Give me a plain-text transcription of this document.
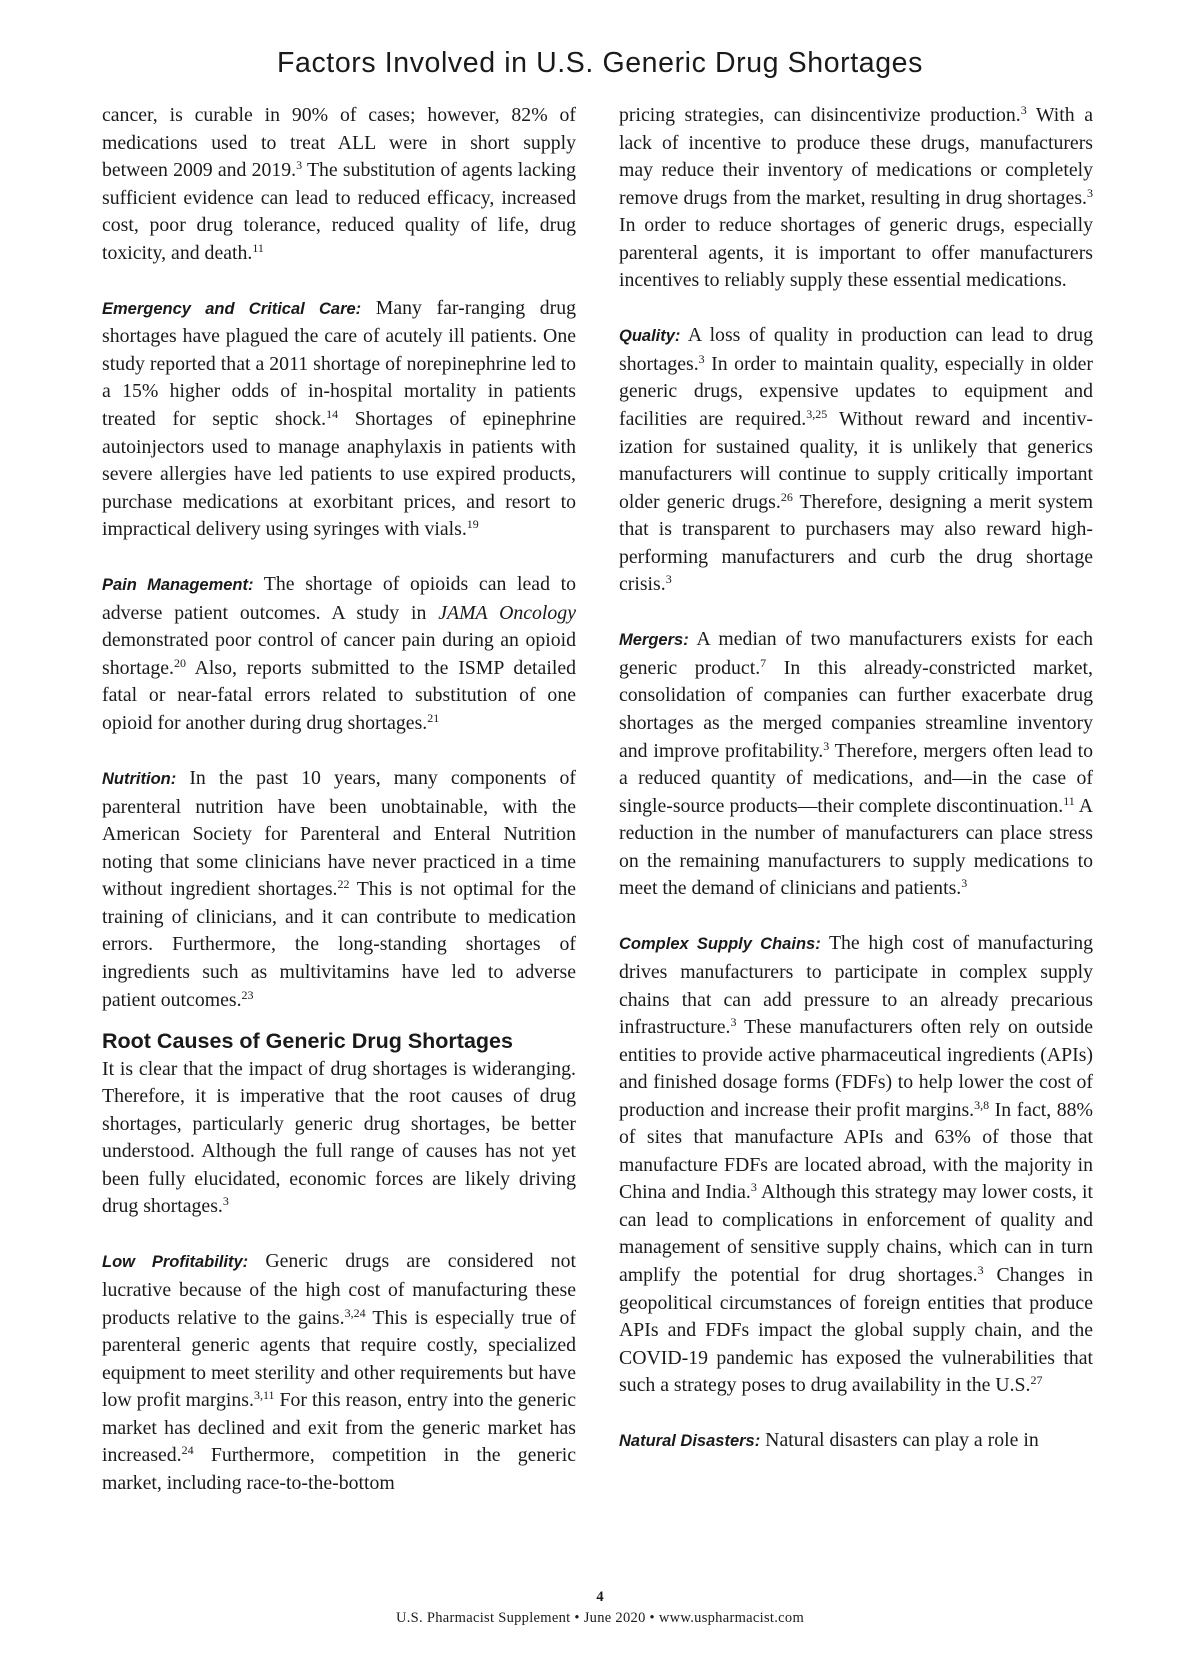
Factors Involved in U.S. Generic Drug Shortages

cancer, is curable in 90% of cases; however, 82% of medications used to treat ALL were in short supply between 2009 and 2019.$^3$ The substitution of agents lacking sufficient evidence can lead to reduced efficacy, increased cost, poor drug tolerance, reduced quality of life, drug toxicity, and death.$^{11}$

Emergency and Critical Care: Many far-ranging drug shortages have plagued the care of acutely ill patients. One study reported that a 2011 shortage of norepinephrine led to a 15% higher odds of in-hospital mortality in patients treated for septic shock.$^{14}$ Shortages of epinephrine autoinjectors used to manage anaphylaxis in patients with severe allergies have led patients to use expired products, purchase medications at exorbitant prices, and resort to impractical delivery using syringes with vials.$^{19}$

Pain Management: The shortage of opioids can lead to adverse patient outcomes. A study in JAMA Oncology demonstrated poor control of cancer pain during an opioid shortage.$^{20}$ Also, reports submitted to the ISMP detailed fatal or near-fatal errors related to substitution of one opioid for another during drug shortages.$^{21}$

Nutrition: In the past 10 years, many components of parenteral nutrition have been unobtainable, with the American Society for Parenteral and Enteral Nutrition noting that some clinicians have never practiced in a time without ingredient shortages.$^{22}$ This is not optimal for the training of clinicians, and it can contribute to medication errors. Furthermore, the long-standing shortages of ingredients such as multivitamins have led to adverse patient outcomes.$^{23}$

Root Causes of Generic Drug Shortages

It is clear that the impact of drug shortages is wideranging. Therefore, it is imperative that the root causes of drug shortages, particularly generic drug shortages, be better understood. Although the full range of causes has not yet been fully elucidated, economic forces are likely driving drug shortages.$^3$

Low Profitability: Generic drugs are considered not lucrative because of the high cost of manufacturing these products relative to the gains.$^{3,24}$ This is especially true of parenteral generic agents that require costly, specialized equipment to meet sterility and other requirements but have low profit margins.$^{3,11}$ For this reason, entry into the generic market has declined and exit from the generic market has increased.$^{24}$ Furthermore, competition in the generic market, including race-to-the-bottom

pricing strategies, can disincentivize production.$^3$ With a lack of incentive to produce these drugs, manufacturers may reduce their inventory of medications or completely remove drugs from the market, resulting in drug shortages.$^3$ In order to reduce shortages of generic drugs, especially parenteral agents, it is important to offer manufacturers incentives to reliably supply these essential medications.

Quality: A loss of quality in production can lead to drug shortages.$^3$ In order to maintain quality, especially in older generic drugs, expensive updates to equipment and facilities are required.$^{3,25}$ Without reward and incentivization for sustained quality, it is unlikely that generics manufacturers will continue to supply critically important older generic drugs.$^{26}$ Therefore, designing a merit system that is transparent to purchasers may also reward high-performing manufacturers and curb the drug shortage crisis.$^3$

Mergers: A median of two manufacturers exists for each generic product.$^7$ In this already-constricted market, consolidation of companies can further exacerbate drug shortages as the merged companies streamline inventory and improve profitability.$^3$ Therefore, mergers often lead to a reduced quantity of medications, and—in the case of single-source products—their complete discontinuation.$^{11}$ A reduction in the number of manufacturers can place stress on the remaining manufacturers to supply medications to meet the demand of clinicians and patients.$^3$

Complex Supply Chains: The high cost of manufacturing drives manufacturers to participate in complex supply chains that can add pressure to an already precarious infrastructure.$^3$ These manufacturers often rely on outside entities to provide active pharmaceutical ingredients (APIs) and finished dosage forms (FDFs) to help lower the cost of production and increase their profit margins.$^{3,8}$ In fact, 88% of sites that manufacture APIs and 63% of those that manufacture FDFs are located abroad, with the majority in China and India.$^3$ Although this strategy may lower costs, it can lead to complications in enforcement of quality and management of sensitive supply chains, which can in turn amplify the potential for drug shortages.$^3$ Changes in geopolitical circumstances of foreign entities that produce APIs and FDFs impact the global supply chain, and the COVID-19 pandemic has exposed the vulnerabilities that such a strategy poses to drug availability in the U.S.$^{27}$

Natural Disasters: Natural disasters can play a role in

4
U.S. Pharmacist Supplement • June 2020 • www.uspharmacist.com
